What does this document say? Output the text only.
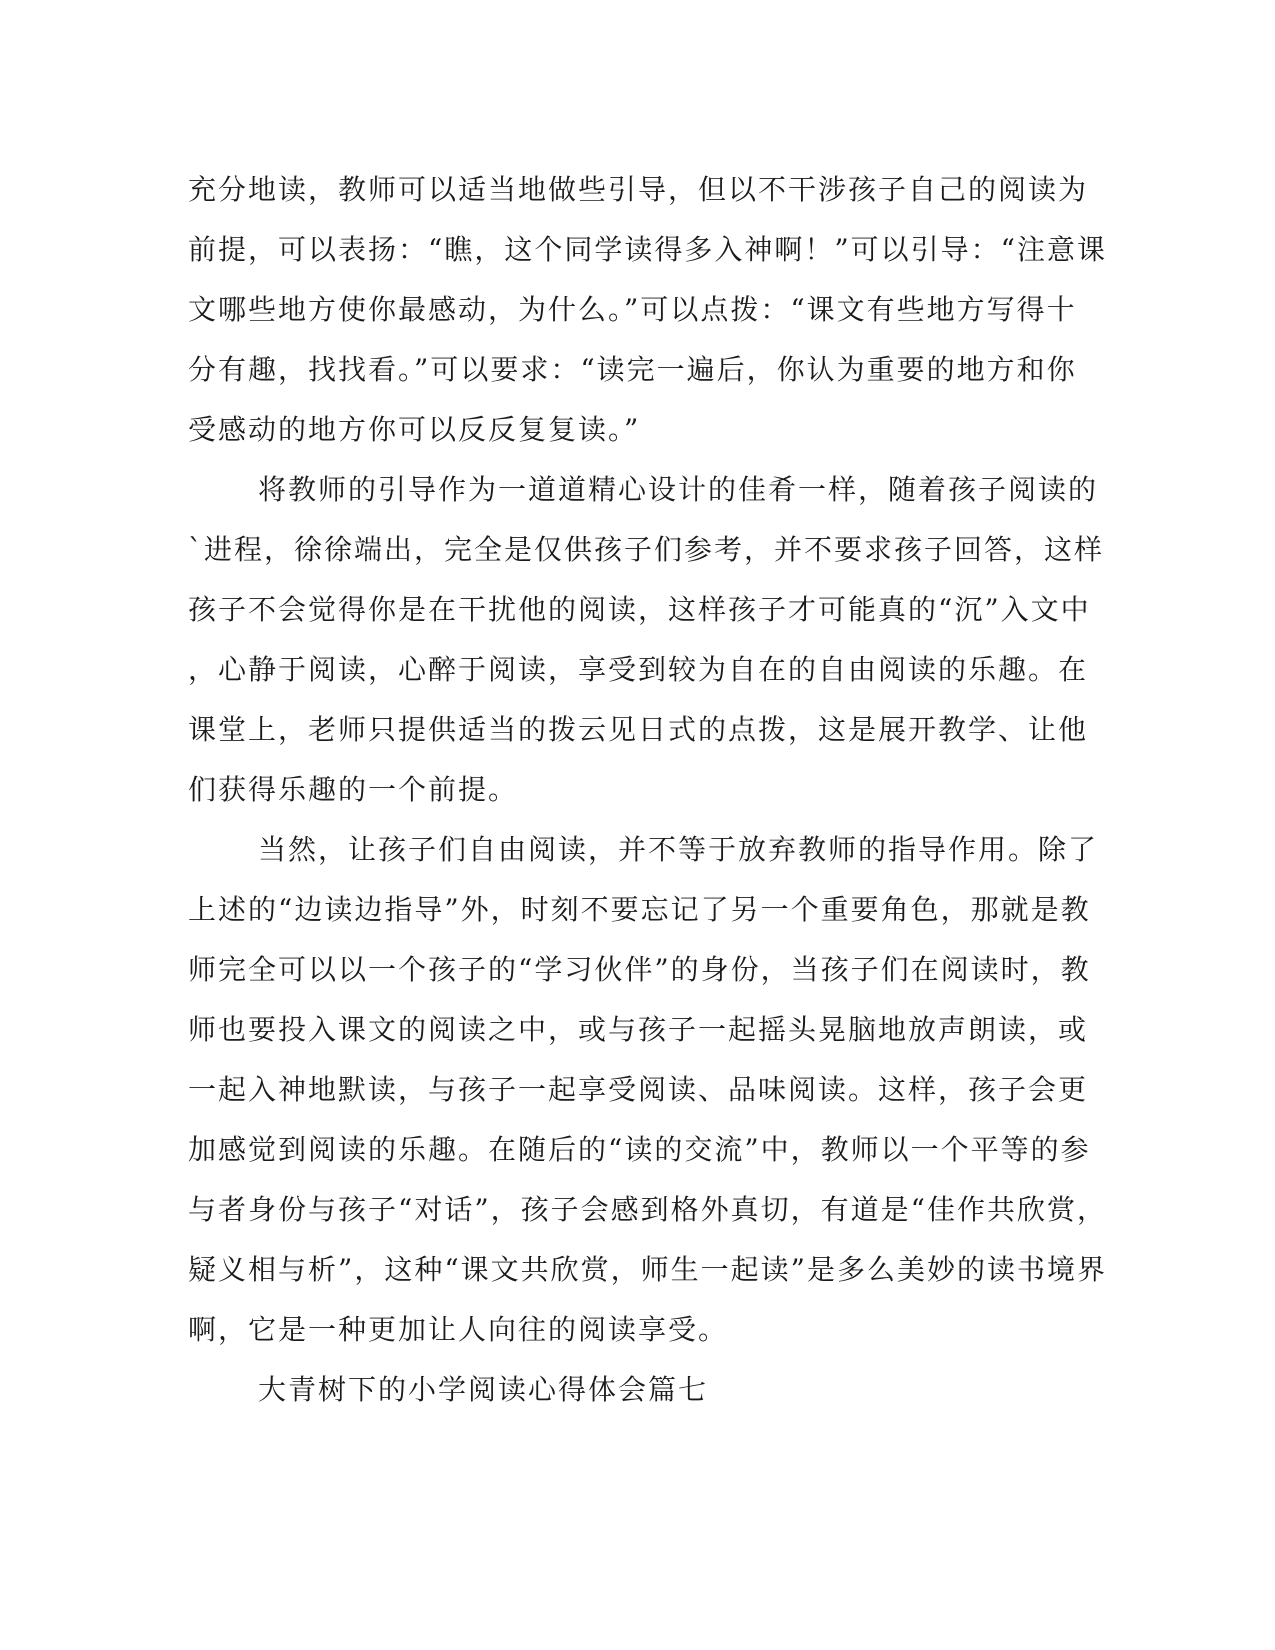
充分地读，教师可以适当地做些引导，但以不干涉孩子自己的阅读为
前提，可以表扬：“瞧，这个同学读得多入神啊！”可以引导：“注意课
文哪些地方使你最感动，为什么。”可以点拨：“课文有些地方写得十
分有趣，找找看。”可以要求：“读完一遍后，你认为重要的地方和你
受感动的地方你可以反反复复读。”
将教师的引导作为一道道精心设计的佳肴一样，随着孩子阅读的
`进程，徐徐端出，完全是仅供孩子们参考，并不要求孩子回答，这样
孩子不会觉得你是在干扰他的阅读，这样孩子才可能真的“沉”入文中
，心静于阅读，心醉于阅读，享受到较为自在的自由阅读的乐趣。在
课堂上，老师只提供适当的拨云见日式的点拨，这是展开教学、让他
们获得乐趣的一个前提。
当然，让孩子们自由阅读，并不等于放弃教师的指导作用。除了
上述的“边读边指导”外，时刻不要忘记了另一个重要角色，那就是教
师完全可以以一个孩子的“学习伙伴”的身份，当孩子们在阅读时，教
师也要投入课文的阅读之中，或与孩子一起摇头晃脑地放声朗读，或
一起入神地默读，与孩子一起享受阅读、品味阅读。这样，孩子会更
加感觉到阅读的乐趣。在随后的“读的交流”中，教师以一个平等的参
与者身份与孩子“对话”，孩子会感到格外真切，有道是“佳作共欣赏，
疑义相与析”，这种“课文共欣赏，师生一起读”是多么美妙的读书境界
啊，它是一种更加让人向往的阅读享受。
大青树下的小学阅读心得体会篇七
